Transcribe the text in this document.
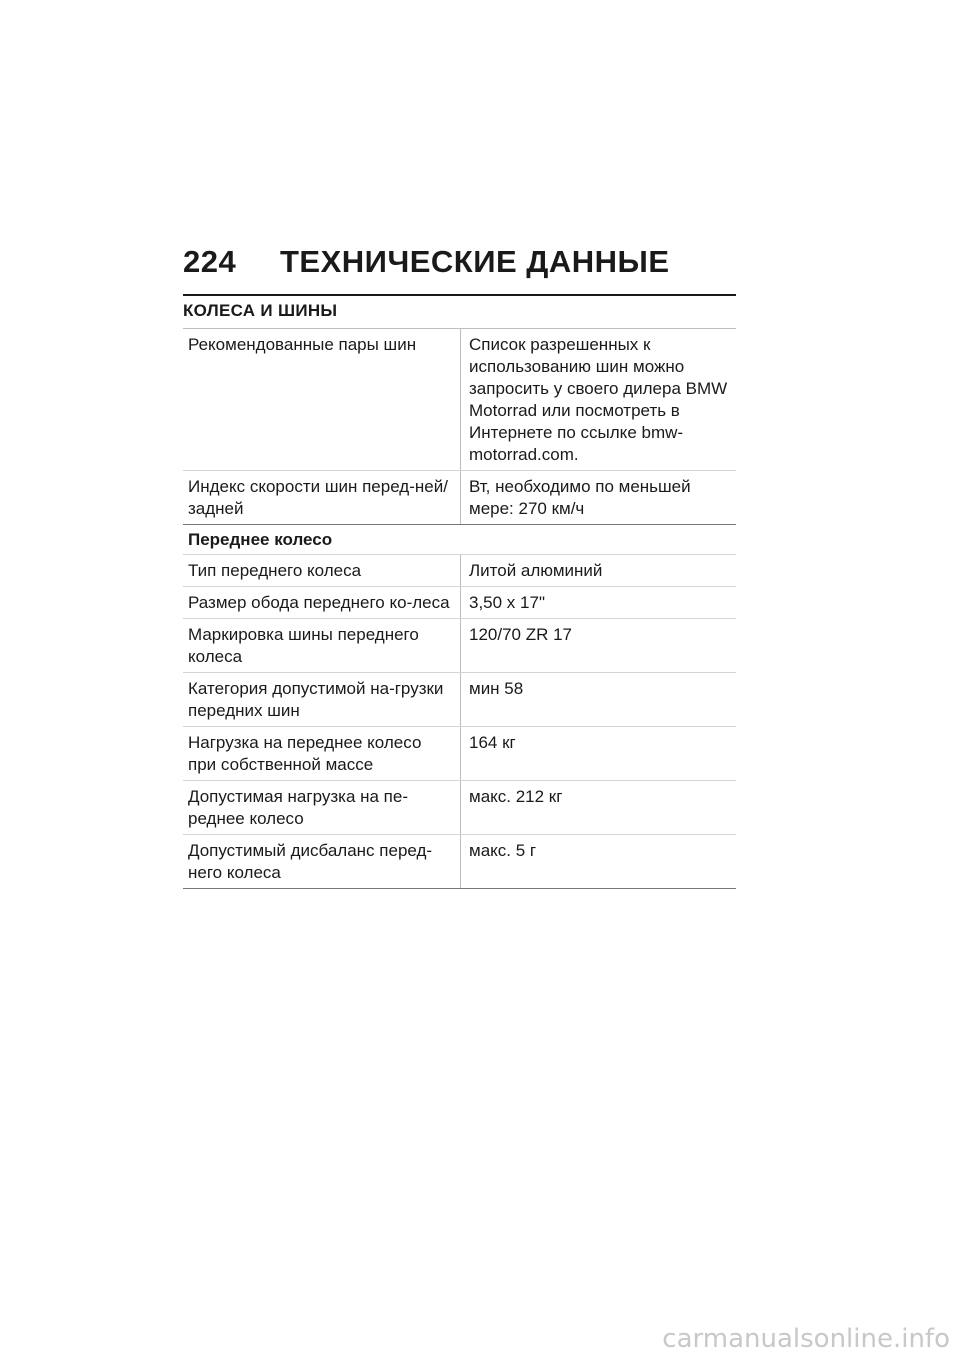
224	ТЕХНИЧЕСКИЕ ДАННЫЕ
КОЛЕСА И ШИНЫ
Рекомендованные пары шин	Список разрешенных к использованию шин можно запросить у своего дилера BMW Motorrad или посмотреть в Интернете по ссылке bmw-motorrad.com.
Индекс скорости шин перед-ней/задней	Вт, необходимо по меньшей мере: 270 км/ч
Переднее колесо	
Тип переднего колеса	Литой алюминий
Размер обода переднего ко-леса	3,50 x 17"
Маркировка шины переднего колеса	120/70 ZR 17
Категория допустимой на-грузки передних шин	мин 58
Нагрузка на переднее колесо при собственной массе	164 кг
Допустимая нагрузка на пе-реднее колесо	макс. 212 кг
Допустимый дисбаланс перед-него колеса	макс. 5 г
carmanualsonline.info
